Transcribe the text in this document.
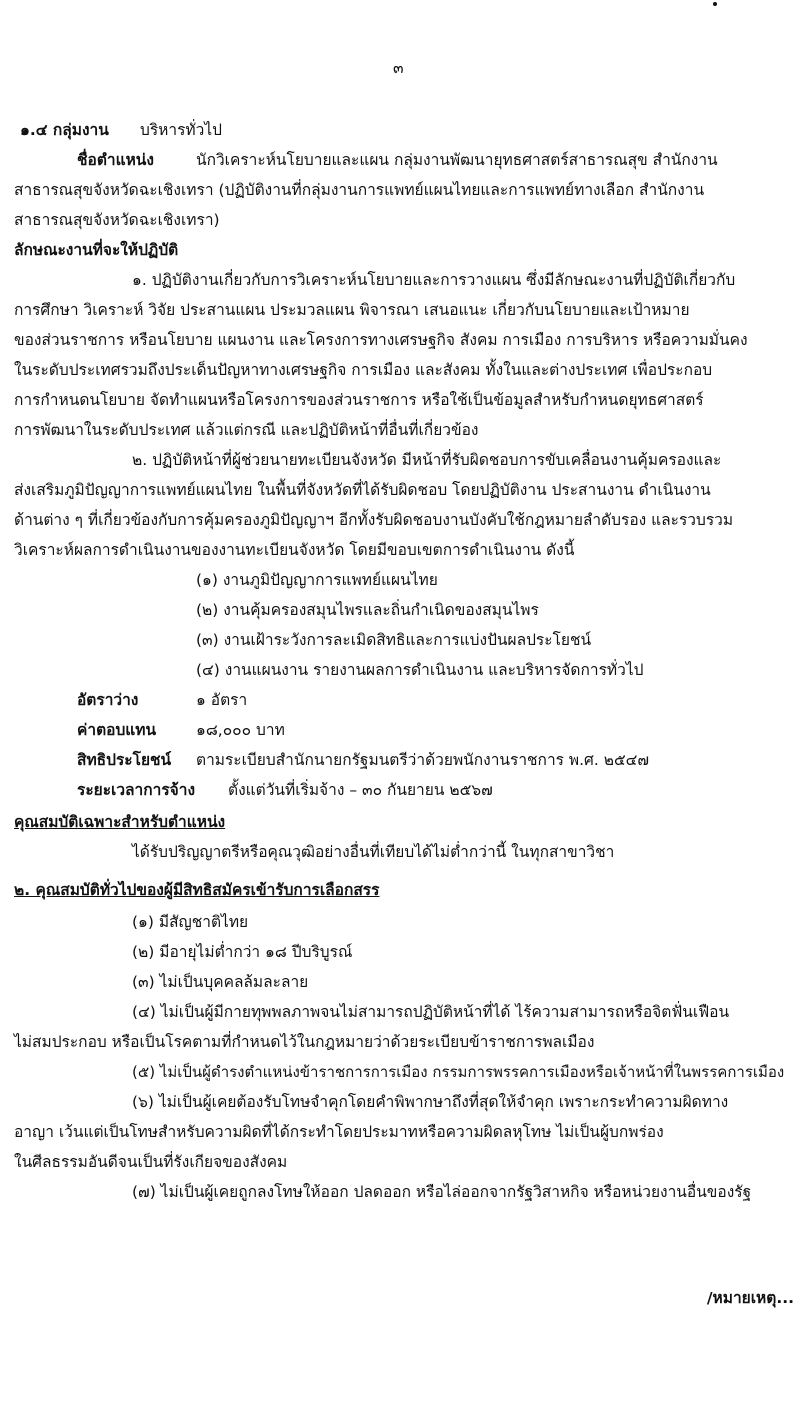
๓
๑.๔ กลุ่มงาน บริหารทั่วไป
ชื่อตำแหน่ง	นักวิเคราะห์นโยบายและแผน กลุ่มงานพัฒนายุทธศาสตร์สาธารณสุข สำนักงาน
สาธารณสุขจังหวัดฉะเชิงเทรา (ปฏิบัติงานที่กลุ่มงานการแพทย์แผนไทยและการแพทย์ทางเลือก สำนักงาน
สาธารณสุขจังหวัดฉะเชิงเทรา)
ลักษณะงานที่จะให้ปฏิบัติ
๑. ปฏิบัติงานเกี่ยวกับการวิเคราะห์นโยบายและการวางแผน ซึ่งมีลักษณะงานที่ปฏิบัติเกี่ยวกับ
การศึกษา วิเคราะห์ วิจัย ประสานแผน ประมวลแผน พิจารณา เสนอแนะ เกี่ยวกับนโยบายและเป้าหมาย
ของส่วนราชการ หรือนโยบาย แผนงาน และโครงการทางเศรษฐกิจ สังคม การเมือง การบริหาร หรือความมั่นคง
ในระดับประเทศรวมถึงประเด็นปัญหาทางเศรษฐกิจ การเมือง และสังคม ทั้งในและต่างประเทศ เพื่อประกอบ
การกำหนดนโยบาย จัดทำแผนหรือโครงการของส่วนราชการ หรือใช้เป็นข้อมูลสำหรับกำหนดยุทธศาสตร์
การพัฒนาในระดับประเทศ แล้วแต่กรณี และปฏิบัติหน้าที่อื่นที่เกี่ยวข้อง
๒. ปฏิบัติหน้าที่ผู้ช่วยนายทะเบียนจังหวัด มีหน้าที่รับผิดชอบการขับเคลื่อนงานคุ้มครองและ
ส่งเสริมภูมิปัญญาการแพทย์แผนไทย ในพื้นที่จังหวัดที่ได้รับผิดชอบ โดยปฏิบัติงาน ประสานงาน ดำเนินงาน
ด้านต่าง ๆ ที่เกี่ยวข้องกับการคุ้มครองภูมิปัญญาฯ อีกทั้งรับผิดชอบงานบังคับใช้กฎหมายลำดับรอง และรวบรวม
วิเคราะห์ผลการดำเนินงานของงานทะเบียนจังหวัด โดยมีขอบเขตการดำเนินงาน ดังนี้
(๑) งานภูมิปัญญาการแพทย์แผนไทย
(๒) งานคุ้มครองสมุนไพรและถิ่นกำเนิดของสมุนไพร
(๓) งานเฝ้าระวังการละเมิดสิทธิและการแบ่งปันผลประโยชน์
(๔) งานแผนงาน รายงานผลการดำเนินงาน และบริหารจัดการทั่วไป
อัตราว่าง	๑ อัตรา
ค่าตอบแทน	๑๘,๐๐๐ บาท
สิทธิประโยชน์ ตามระเบียบสำนักนายกรัฐมนตรีว่าด้วยพนักงานราชการ พ.ศ. ๒๕๔๗
ระยะเวลาการจ้าง ตั้งแต่วันที่เริ่มจ้าง – ๓๐ กันยายน ๒๕๖๗
คุณสมบัติเฉพาะสำหรับตำแหน่ง
ได้รับปริญญาตรีหรือคุณวุฒิอย่างอื่นที่เทียบได้ไม่ต่ำกว่านี้ ในทุกสาขาวิชา
๒. คุณสมบัติทั่วไปของผู้มีสิทธิสมัครเข้ารับการเลือกสรร
(๑) มีสัญชาติไทย
(๒) มีอายุไม่ต่ำกว่า ๑๘ ปีบริบูรณ์
(๓) ไม่เป็นบุคคลล้มละลาย
(๔) ไม่เป็นผู้มีกายทุพพลภาพจนไม่สามารถปฏิบัติหน้าที่ได้ ไร้ความสามารถหรือจิตฟั่นเฟือน
ไม่สมประกอบ หรือเป็นโรคตามที่กำหนดไว้ในกฎหมายว่าด้วยระเบียบข้าราชการพลเมือง
(๕) ไม่เป็นผู้ดำรงตำแหน่งข้าราชการการเมือง กรรมการพรรคการเมืองหรือเจ้าหน้าที่ในพรรคการเมือง
(๖) ไม่เป็นผู้เคยต้องรับโทษจำคุกโดยคำพิพากษาถึงที่สุดให้จำคุก เพราะกระทำความผิดทาง
อาญา เว้นแต่เป็นโทษสำหรับความผิดที่ได้กระทำโดยประมาทหรือความผิดลหุโทษ ไม่เป็นผู้บกพร่อง
ในศีลธรรมอันดีจนเป็นที่รังเกียจของสังคม
(๗) ไม่เป็นผู้เคยถูกลงโทษให้ออก ปลดออก หรือไล่ออกจากรัฐวิสาหกิจ หรือหน่วยงานอื่นของรัฐ
/หมายเหตุ...
